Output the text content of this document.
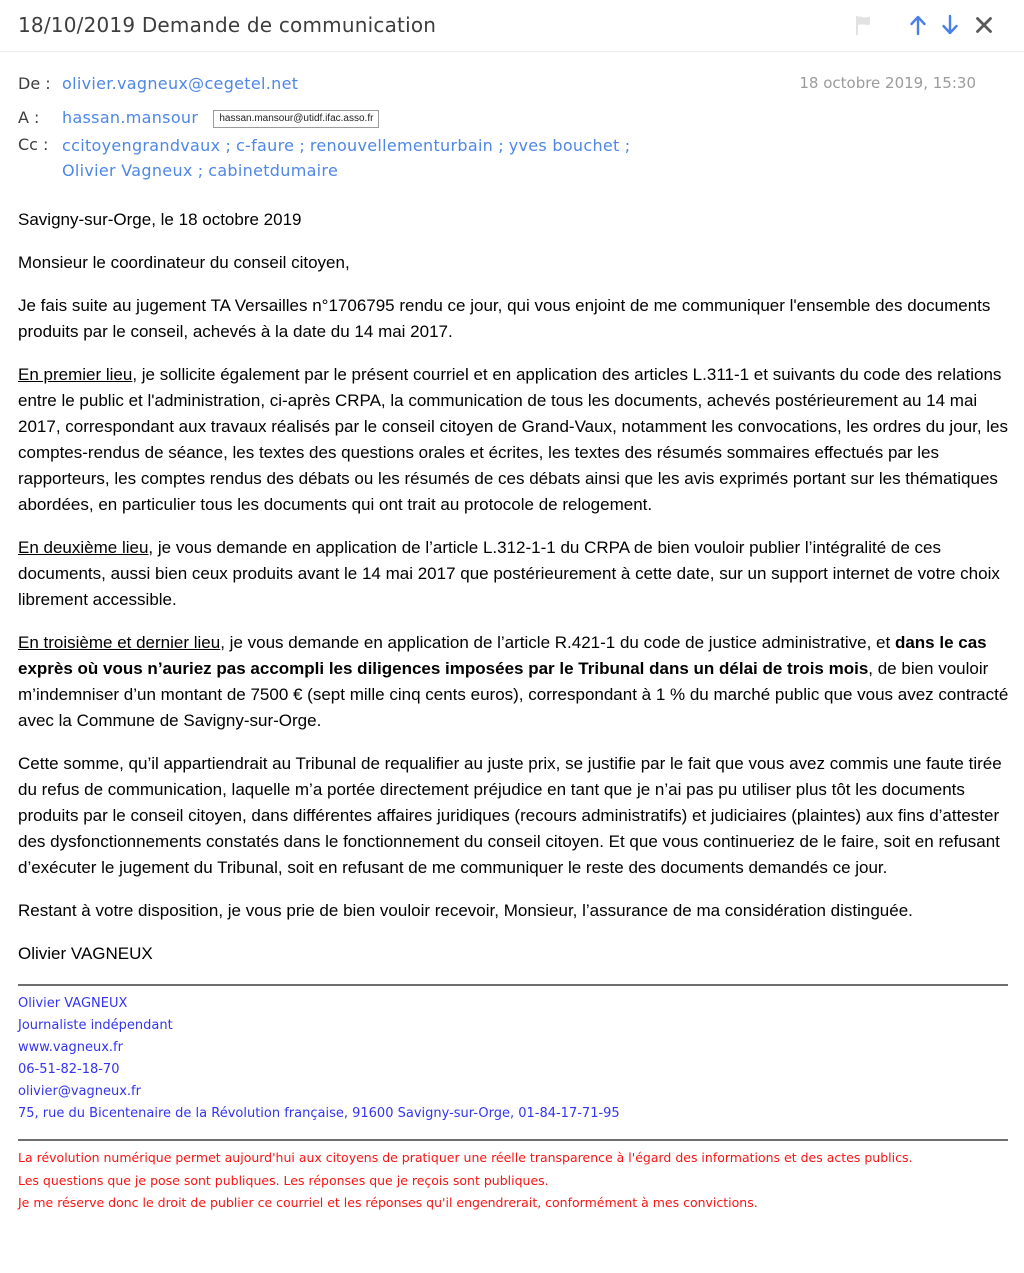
18/10/2019 Demande de communication
De : olivier.vagneux@cegetel.net	18 octobre 2019, 15:30
A :	hassan.mansour hassan.mansour@utidf.ifac.asso.fr
Cc : ccitoyengrandvaux ; c-faure ; renouvellementurbain ; yves bouchet ;
Olivier Vagneux ; cabinetdumaire

Savigny-sur-Orge, le 18 octobre 2019

Monsieur le coordinateur du conseil citoyen,

Je fais suite au jugement TA Versailles n°1706795 rendu ce jour, qui vous enjoint de me communiquer l'ensemble des documents produits par le conseil, achevés à la date du 14 mai 2017.

En premier lieu, je sollicite également par le présent courriel et en application des articles L.311-1 et suivants du code des relations entre le public et l'administration, ci-après CRPA, la communication de tous les documents, achevés postérieurement au 14 mai 2017, correspondant aux travaux réalisés par le conseil citoyen de Grand-Vaux, notamment les convocations, les ordres du jour, les comptes-rendus de séance, les textes des questions orales et écrites, les textes des résumés sommaires effectués par les rapporteurs, les comptes rendus des débats ou les résumés de ces débats ainsi que les avis exprimés portant sur les thématiques abordées, en particulier tous les documents qui ont trait au protocole de relogement.

En deuxième lieu, je vous demande en application de l’article L.312-1-1 du CRPA de bien vouloir publier l’intégralité de ces documents, aussi bien ceux produits avant le 14 mai 2017 que postérieurement à cette date, sur un support internet de votre choix librement accessible.

En troisième et dernier lieu, je vous demande en application de l’article R.421-1 du code de justice administrative, et dans le cas exprès où vous n’auriez pas accompli les diligences imposées par le Tribunal dans un délai de trois mois, de bien vouloir m’indemniser d’un montant de 7500 € (sept mille cinq cents euros), correspondant à 1 % du marché public que vous avez contracté avec la Commune de Savigny-sur-Orge.

Cette somme, qu’il appartiendrait au Tribunal de requalifier au juste prix, se justifie par le fait que vous avez commis une faute tirée du refus de communication, laquelle m’a portée directement préjudice en tant que je n’ai pas pu utiliser plus tôt les documents produits par le conseil citoyen, dans différentes affaires juridiques (recours administratifs) et judiciaires (plaintes) aux fins d’attester des dysfonctionnements constatés dans le fonctionnement du conseil citoyen. Et que vous continueriez de le faire, soit en refusant d’exécuter le jugement du Tribunal, soit en refusant de me communiquer le reste des documents demandés ce jour.

Restant à votre disposition, je vous prie de bien vouloir recevoir, Monsieur, l’assurance de ma considération distinguée.

Olivier VAGNEUX

Olivier VAGNEUX
Journaliste indépendant
www.vagneux.fr
06-51-82-18-70
olivier@vagneux.fr
75, rue du Bicentenaire de la Révolution française, 91600 Savigny-sur-Orge, 01-84-17-71-95
La révolution numérique permet aujourd'hui aux citoyens de pratiquer une réelle transparence à l'égard des informations et des actes publics.
Les questions que je pose sont publiques. Les réponses que je reçois sont publiques.
Je me réserve donc le droit de publier ce courriel et les réponses qu'il engendrerait, conformément à mes convictions.
